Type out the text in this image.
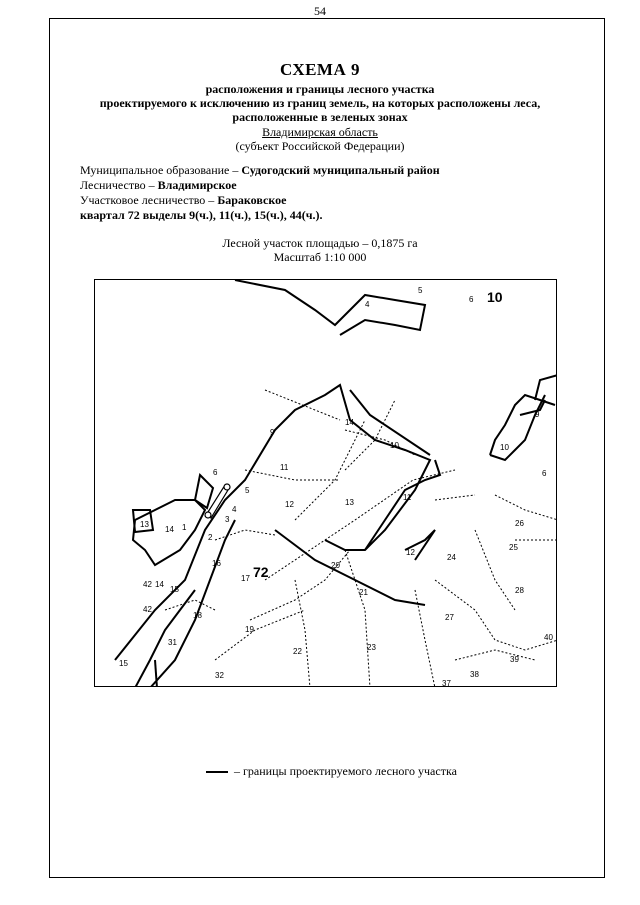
54
СХЕМА 9
расположения и границы лесного участка
проектируемого к исключению из границ земель, на которых расположены леса,
расположенные в зеленых зонах
Владимирская область
(субъект Российской Федерации)
Муниципальное образование – Судогодский муниципальный район
Лесничество – Владимирское
Участковое лесничество – Бараковское
квартал 72 выделы 9(ч.), 11(ч.), 15(ч.), 44(ч.).
Лесной участок площадью – 0,1875 га
Масштаб 1:10 000
10
72
4
5
6
9
14
10
6
11
5
12	13
11
9
10
6
13
14 1
3
4
2
16
17
20
12
24
26
25
42 14
15
18
21	28
27
19
42
31
22	23
40
15
32
39
37
38
– границы проектируемого лесного участка
